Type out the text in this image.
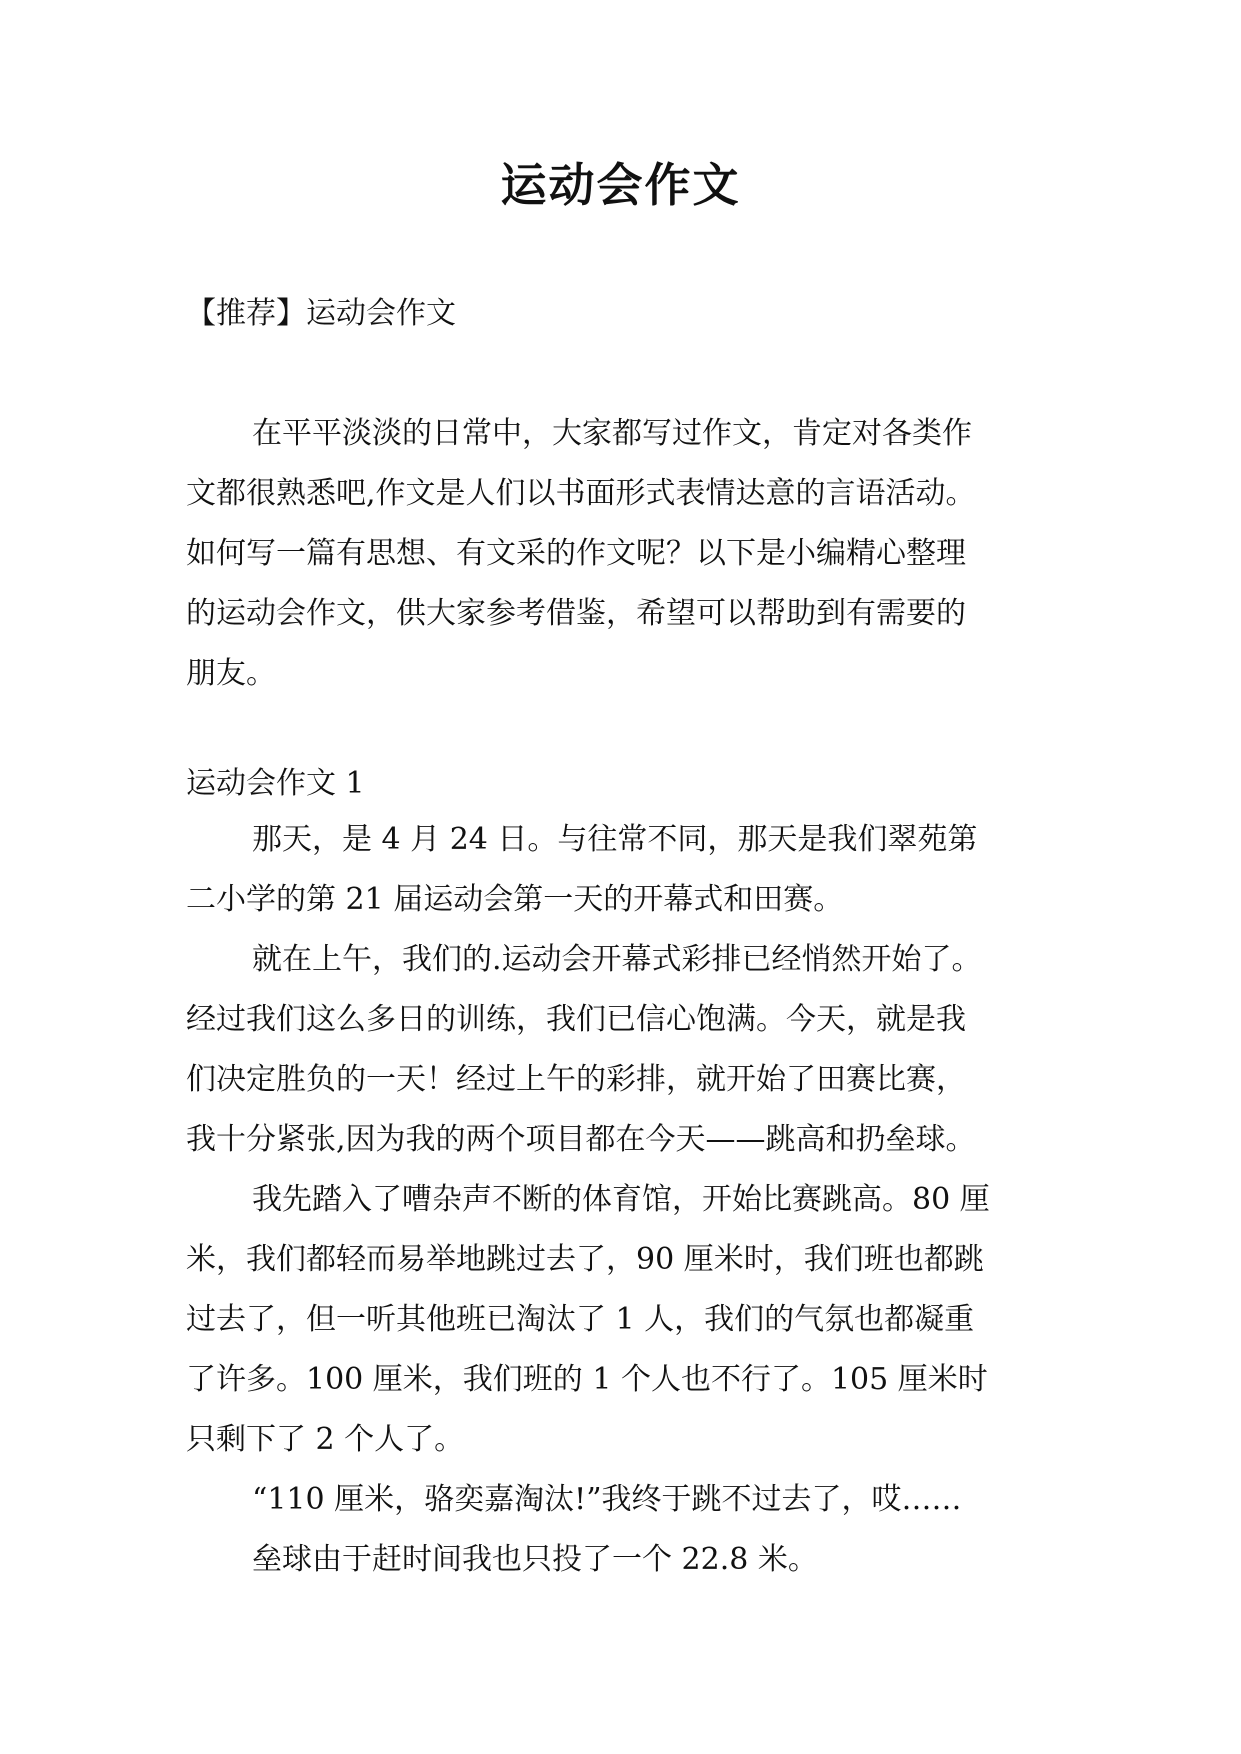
运动会作文

【推荐】运动会作文

在平平淡淡的日常中，大家都写过作文，肯定对各类作
文都很熟悉吧,作文是人们以书面形式表情达意的言语活动。
如何写一篇有思想、有文采的作文呢？以下是小编精心整理
的运动会作文，供大家参考借鉴，希望可以帮助到有需要的
朋友。

运动会作文 1

那天，是 4 月 24 日。与往常不同，那天是我们翠苑第
二小学的第 21 届运动会第一天的开幕式和田赛。
就在上午，我们的.运动会开幕式彩排已经悄然开始了。
经过我们这么多日的训练，我们已信心饱满。今天，就是我
们决定胜负的一天！经过上午的彩排，就开始了田赛比赛，
我十分紧张,因为我的两个项目都在今天——跳高和扔垒球。
我先踏入了嘈杂声不断的体育馆，开始比赛跳高。80 厘
米，我们都轻而易举地跳过去了，90 厘米时，我们班也都跳
过去了，但一听其他班已淘汰了 1 人，我们的气氛也都凝重
了许多。100 厘米，我们班的 1 个人也不行了。105 厘米时
只剩下了 2 个人了。
“110 厘米，骆奕嘉淘汰!”我终于跳不过去了，哎……
垒球由于赶时间我也只投了一个 22.8 米。
